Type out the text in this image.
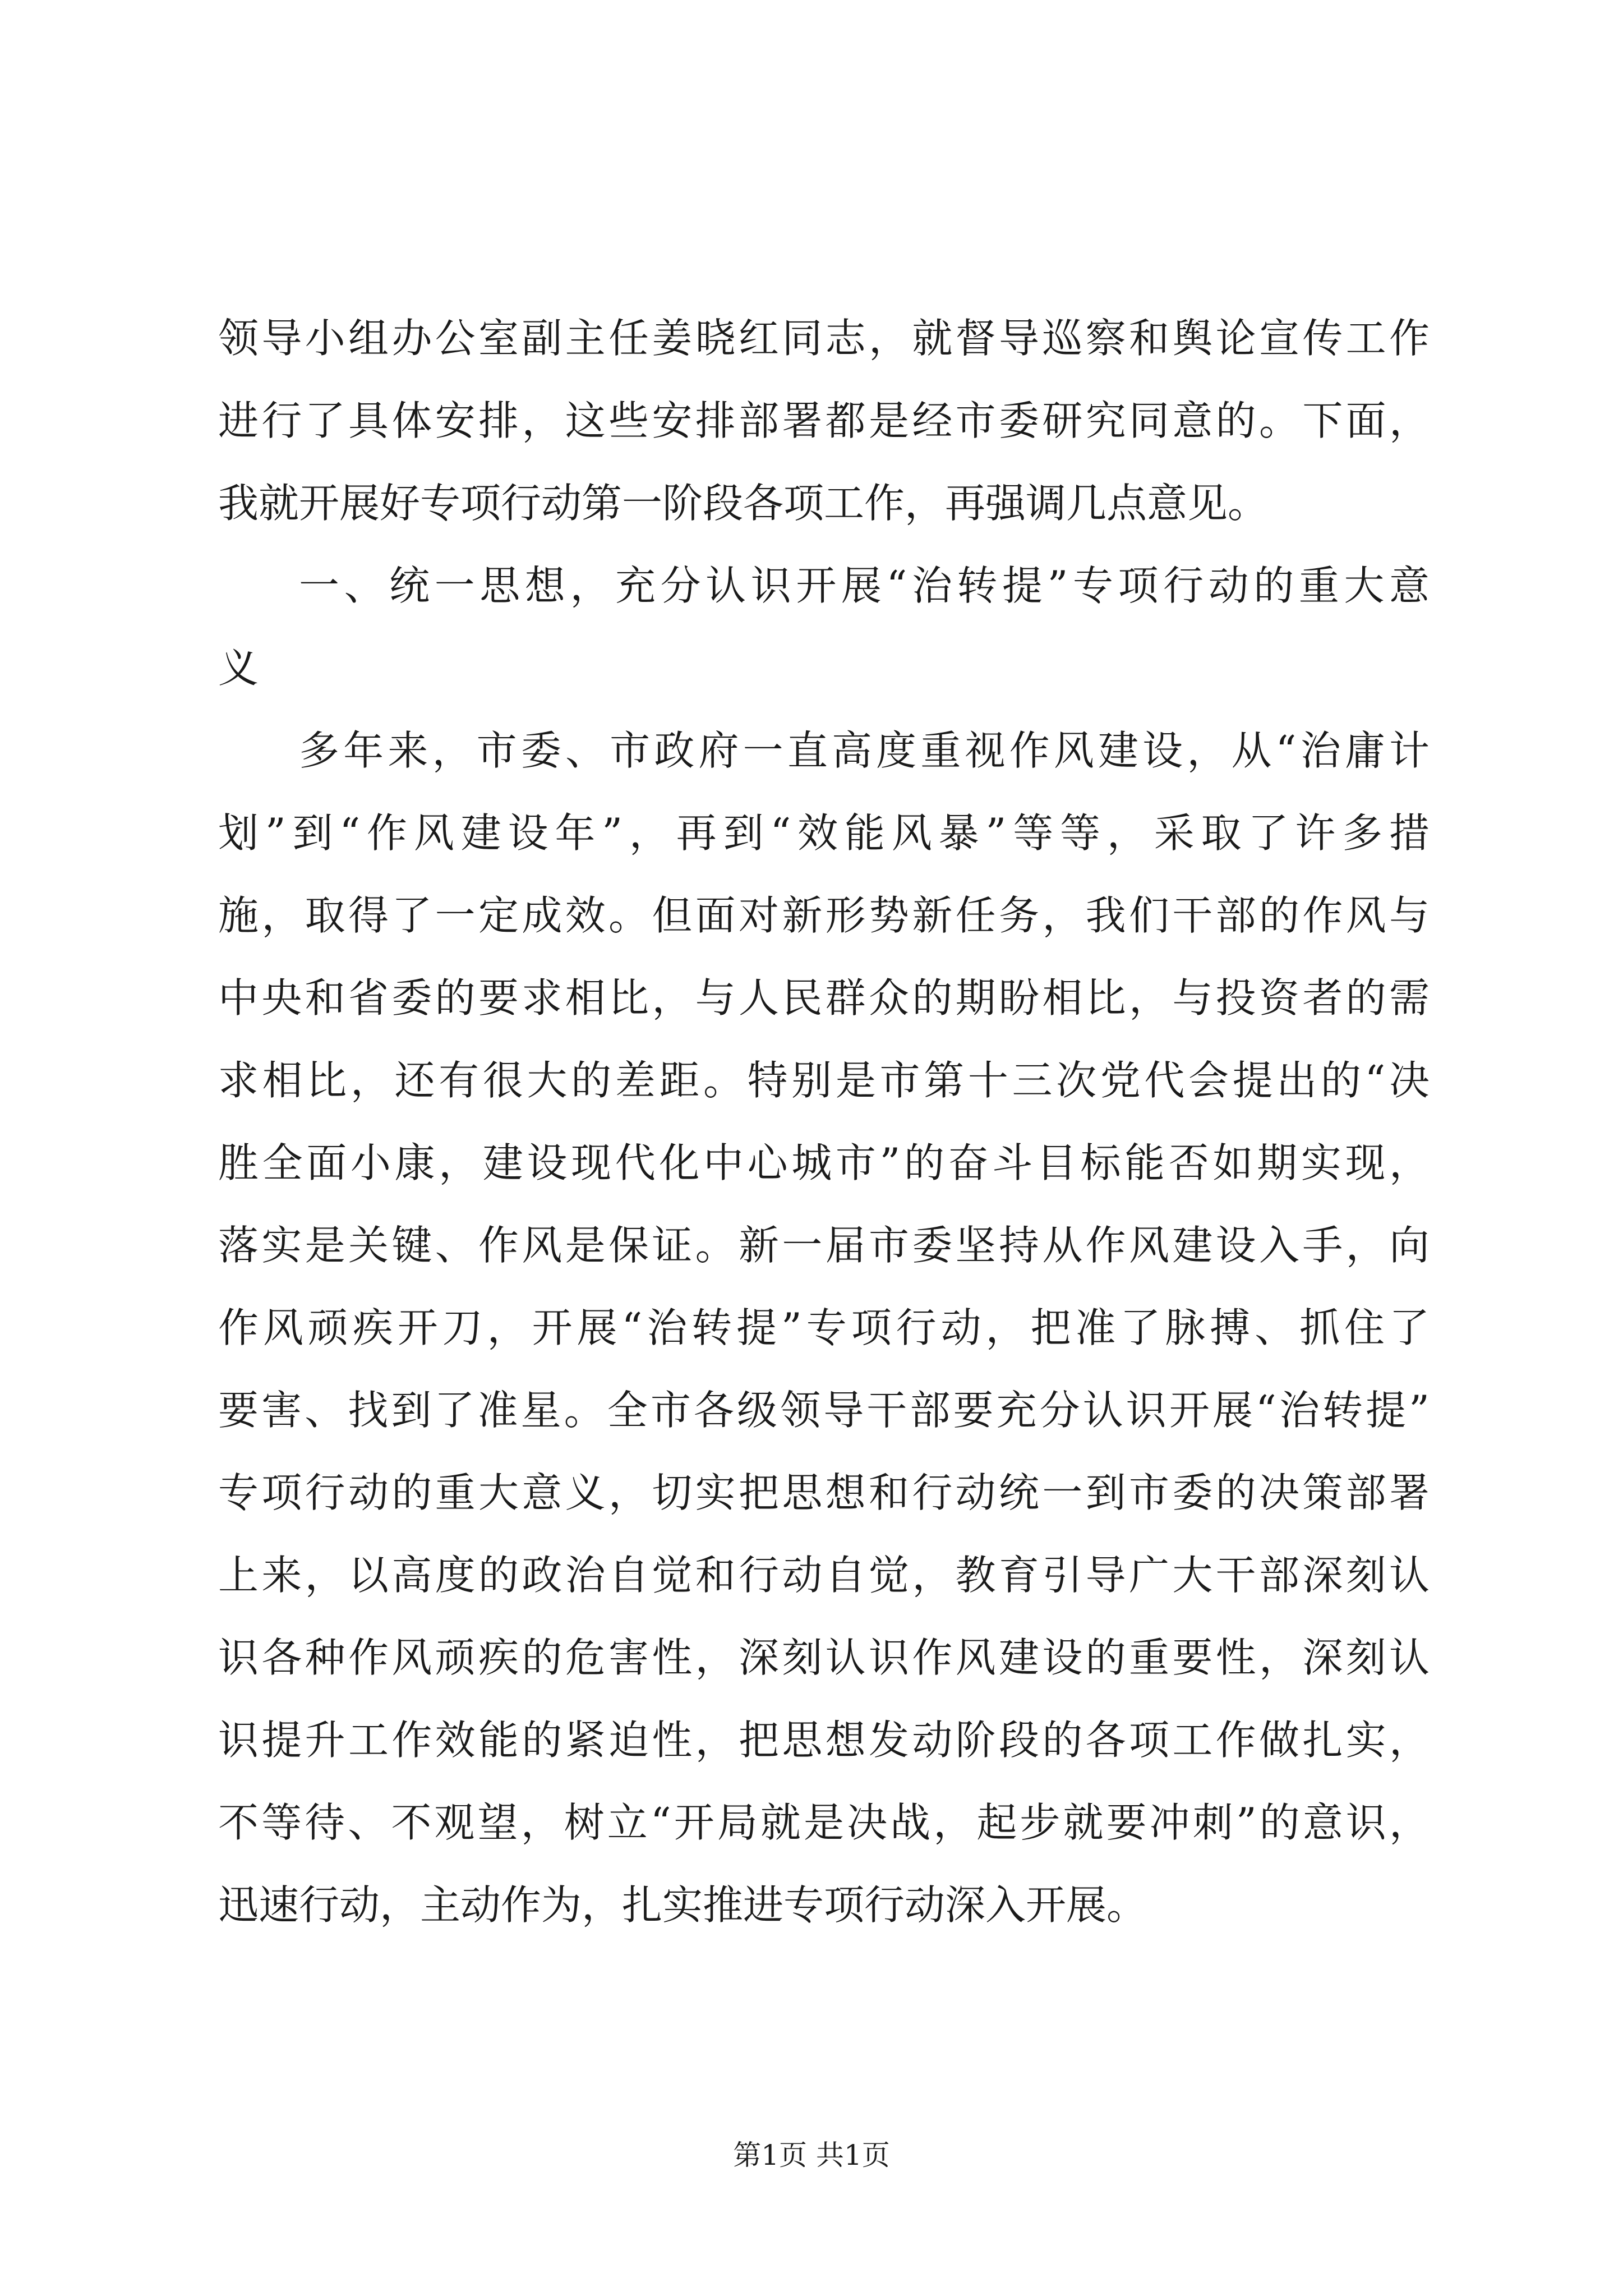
领导小组办公室副主任姜晓红同志，就督导巡察和舆论宣传工作
进行了具体安排，这些安排部署都是经市委研究同意的。下面，
我就开展好专项行动第一阶段各项工作，再强调几点意见。
一、统一思想，充分认识开展“治转提”专项行动的重大意
义
多年来，市委、市政府一直高度重视作风建设，从“治庸计
划”到“作风建设年”，再到“效能风暴”等等，采取了许多措
施，取得了一定成效。但面对新形势新任务，我们干部的作风与
中央和省委的要求相比，与人民群众的期盼相比，与投资者的需
求相比，还有很大的差距。特别是市第十三次党代会提出的“决
胜全面小康，建设现代化中心城市”的奋斗目标能否如期实现，
落实是关键、作风是保证。新一届市委坚持从作风建设入手，向
作风顽疾开刀，开展“治转提”专项行动，把准了脉搏、抓住了
要害、找到了准星。全市各级领导干部要充分认识开展“治转提”
专项行动的重大意义，切实把思想和行动统一到市委的决策部署
上来，以高度的政治自觉和行动自觉，教育引导广大干部深刻认
识各种作风顽疾的危害性，深刻认识作风建设的重要性，深刻认
识提升工作效能的紧迫性，把思想发动阶段的各项工作做扎实，
不等待、不观望，树立“开局就是决战，起步就要冲刺”的意识，
迅速行动，主动作为，扎实推进专项行动深入开展。
第1页 共1页
